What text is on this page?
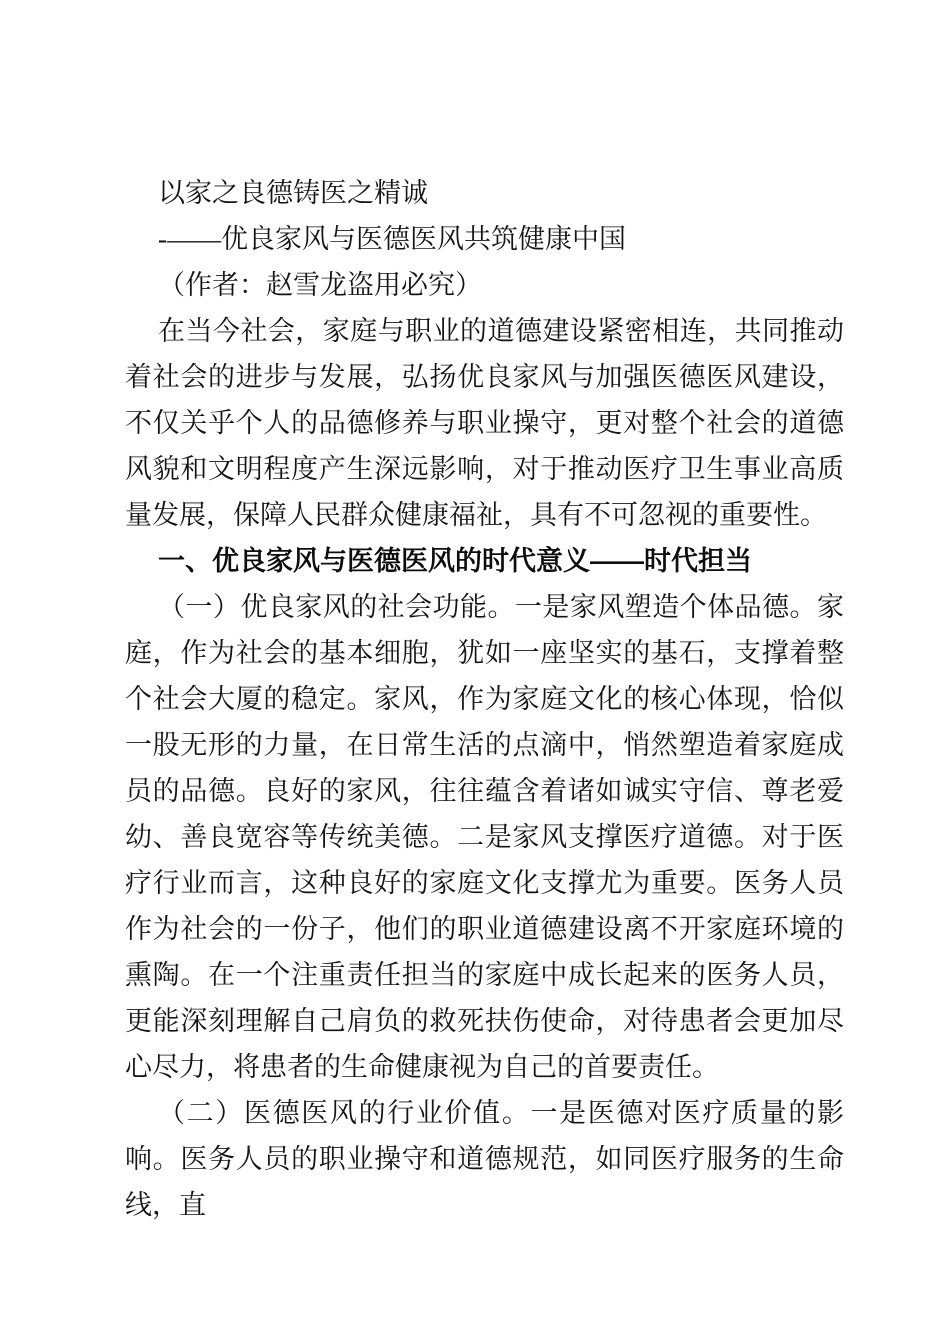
以家之良德铸医之精诚

-——优良家风与医德医风共筑健康中国

（作者：赵雪龙盗用必究）

在当今社会，家庭与职业的道德建设紧密相连，共同推动着社会的进步与发展，弘扬优良家风与加强医德医风建设，不仅关乎个人的品德修养与职业操守，更对整个社会的道德风貌和文明程度产生深远影响，对于推动医疗卫生事业高质量发展，保障人民群众健康福祉，具有不可忽视的重要性。

一、优良家风与医德医风的时代意义——时代担当

（一）优良家风的社会功能。一是家风塑造个体品德。家庭，作为社会的基本细胞，犹如一座坚实的基石，支撑着整个社会大厦的稳定。家风，作为家庭文化的核心体现，恰似一股无形的力量，在日常生活的点滴中，悄然塑造着家庭成员的品德。良好的家风，往往蕴含着诸如诚实守信、尊老爱幼、善良宽容等传统美德。二是家风支撑医疗道德。对于医疗行业而言，这种良好的家庭文化支撑尤为重要。医务人员作为社会的一份子，他们的职业道德建设离不开家庭环境的熏陶。在一个注重责任担当的家庭中成长起来的医务人员，更能深刻理解自己肩负的救死扶伤使命，对待患者会更加尽心尽力，将患者的生命健康视为自己的首要责任。

（二）医德医风的行业价值。一是医德对医疗质量的影响。医务人员的职业操守和道德规范，如同医疗服务的生命线，直
